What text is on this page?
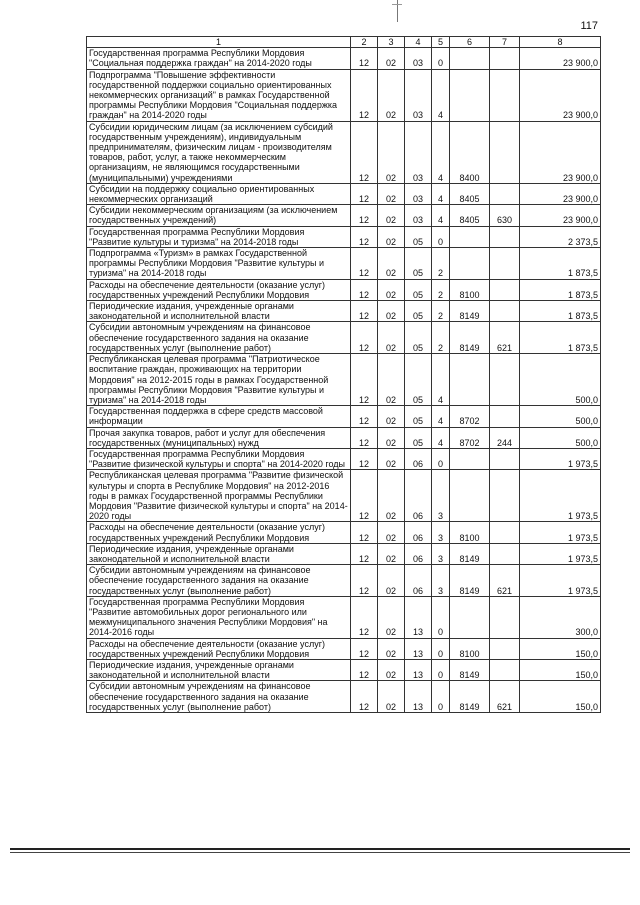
117
1	2	3	4	5	6	7	8
Государственная программа Республики Мордовия "Социальная поддержка граждан" на 2014-2020 годы	12	02	03	0			23 900,0
Подпрограмма "Повышение эффективности государственной поддержки социально ориентированных некоммерческих организаций" в рамках Государственной программы Республики Мордовия "Социальная поддержка граждан" на 2014-2020 годы	12	02	03	4			23 900,0
Субсидии юридическим лицам (за исключением субсидий государственным учреждениям), индивидуальным предпринимателям, физическим лицам - производителям товаров, работ, услуг, а также некоммерческим организациям, не являющимся государственными (муниципальными) учреждениями	12	02	03	4	8400		23 900,0
Субсидии на поддержку социально ориентированных некоммерческих организаций	12	02	03	4	8405		23 900,0
Субсидии некоммерческим организациям (за исключением государственных учреждений)	12	02	03	4	8405	630	23 900,0
Государственная программа Республики Мордовия "Развитие культуры и туризма" на 2014-2018 годы	12	02	05	0			2 373,5
Подпрограмма «Туризм» в рамках Государственной программы Республики Мордовия "Развитие культуры и туризма" на 2014-2018 годы	12	02	05	2			1 873,5
Расходы на обеспечение деятельности (оказание услуг) государственных учреждений Республики Мордовия	12	02	05	2	8100		1 873,5
Периодические издания, учрежденные органами законодательной и исполнительной власти	12	02	05	2	8149		1 873,5
Субсидии автономным учреждениям на финансовое обеспечение государственного задания на оказание государственных услуг (выполнение работ)	12	02	05	2	8149	621	1 873,5
Республиканская целевая программа "Патриотическое воспитание граждан, проживающих на территории Мордовия" на 2012-2015 годы в рамках Государственной программы Республики Мордовия "Развитие культуры и туризма" на 2014-2018 годы	12	02	05	4			500,0
Государственная поддержка в сфере средств массовой информации	12	02	05	4	8702		500,0
Прочая закупка товаров, работ и услуг для обеспечения государственных (муниципальных) нужд	12	02	05	4	8702	244	500,0
Государственная программа Республики Мордовия "Развитие физической культуры и спорта" на 2014-2020 годы	12	02	06	0			1 973,5
Республиканская целевая программа "Развитие физической культуры и спорта в Республике Мордовия" на 2012-2016 годы в рамках Государственной программы Республики Мордовия "Развитие физической культуры и спорта" на 2014-2020 годы	12	02	06	3			1 973,5
Расходы на обеспечение деятельности (оказание услуг) государственных учреждений Республики Мордовия	12	02	06	3	8100		1 973,5
Периодические издания, учрежденные органами законодательной и исполнительной власти	12	02	06	3	8149		1 973,5
Субсидии автономным учреждениям на финансовое обеспечение государственного задания на оказание государственных услуг (выполнение работ)	12	02	06	3	8149	621	1 973,5
Государственная программа Республики Мордовия "Развитие автомобильных дорог регионального или межмуниципального значения Республики Мордовия" на 2014-2016 годы	12	02	13	0			300,0
Расходы на обеспечение деятельности (оказание услуг) государственных учреждений Республики Мордовия	12	02	13	0	8100		150,0
Периодические издания, учрежденные органами законодательной и исполнительной власти	12	02	13	0	8149		150,0
Субсидии автономным учреждениям на финансовое обеспечение государственного задания на оказание государственных услуг (выполнение работ)	12	02	13	0	8149	621	150,0
